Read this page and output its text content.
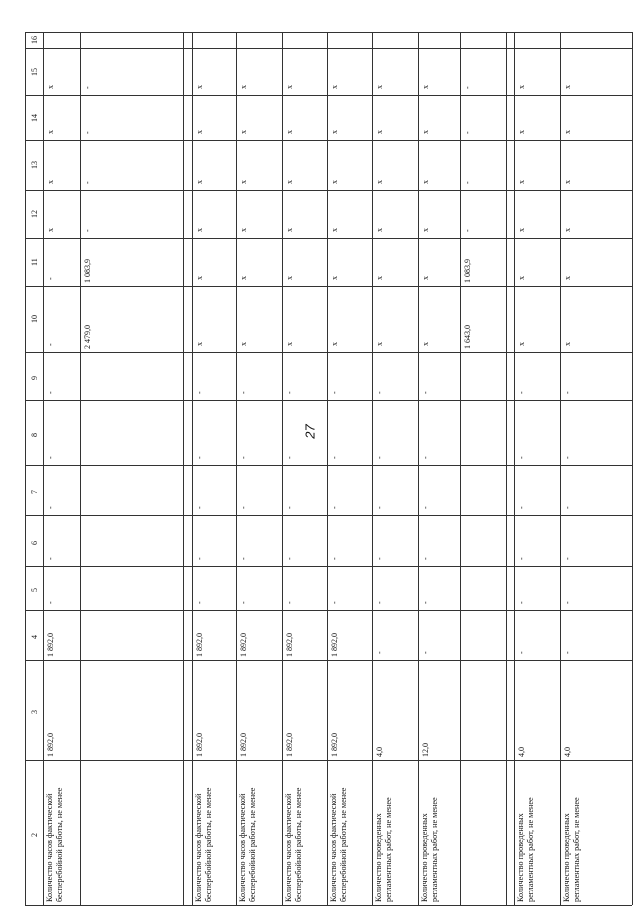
27
2
3
4
5
6
7
8
9
10
11
12
13
14
15
16
Количество часов фактической бесперебойной работы, не менее
1 892,0
1 892,0
-
-
-
-
-
-
-
x
x
x
x
2 479,0
1 083,9
-
-
-
-
Количество часов фактической бесперебойной работы, не менее
1 892,0
1 892,0
-
-
-
-
-
x
x
x
x
x
x
Количество часов фактической бесперебойной работы, не менее
1 892,0
1 892,0
-
-
-
-
-
x
x
x
x
x
x
Количество часов фактической бесперебойной работы, не менее
1 892,0
1 892,0
-
-
-
-
-
x
x
x
x
x
x
Количество часов фактической бесперебойной работы, не менее
1 892,0
1 892,0
-
-
-
-
-
x
x
x
x
x
x
Количество проведенных регламентных работ, не менее
4,0
-
-
-
-
-
-
x
x
x
x
x
x
Количество проведенных регламентных работ, не менее
12,0
-
-
-
-
-
-
x
x
x
x
x
x
1 643,0
1 083,9
-
-
-
-
Количество проведенных регламентных работ, не менее
4,0
-
-
-
-
-
-
x
x
x
x
x
x
Количество проведенных регламентных работ, не менее
4,0
-
-
-
-
-
-
x
x
x
x
x
x
